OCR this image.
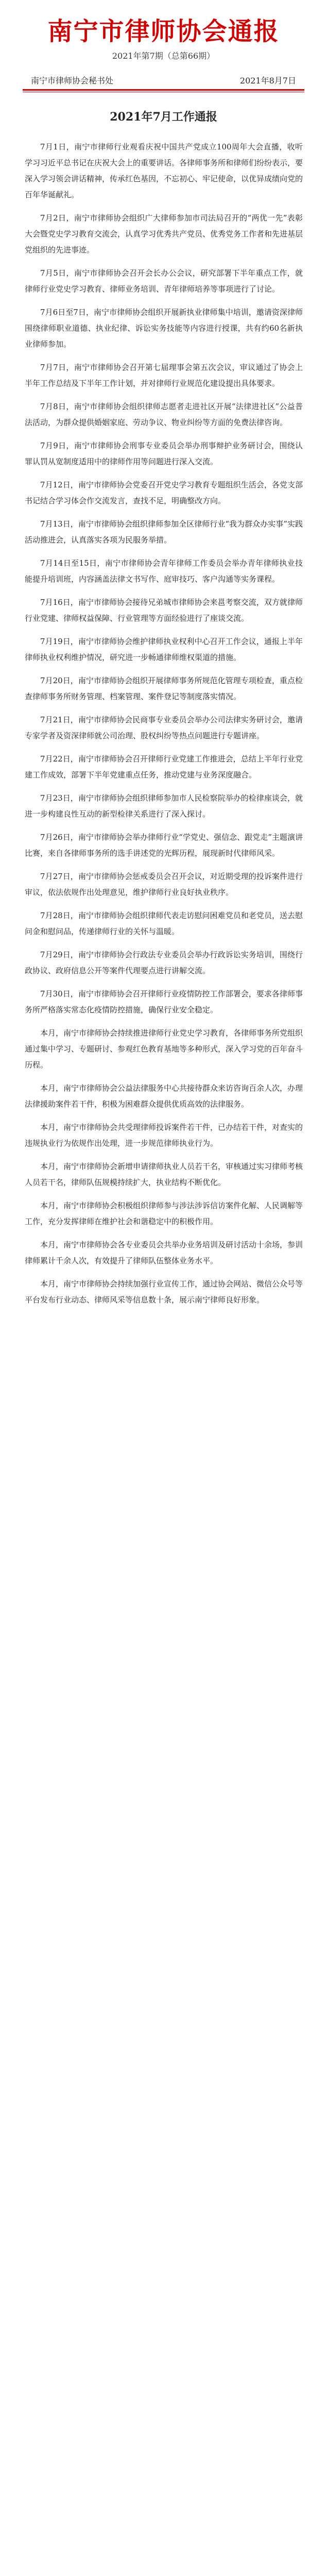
南宁市律师协会通报
2021年第7期（总第66期）
南宁市律师协会秘书处	2021年8月7日
2021年7月工作通报

7月1日，南宁市律师行业观看庆祝中国共产党成立100周年大会直播，收听学习习近平总书记在庆祝大会上的重要讲话。各律师事务所和律师们纷纷表示，要深入学习领会讲话精神，传承红色基因，不忘初心、牢记使命，以优异成绩向党的百年华诞献礼。

7月2日，南宁市律师协会组织广大律师参加市司法局召开的“两优一先”表彰大会暨党史学习教育交流会，认真学习优秀共产党员、优秀党务工作者和先进基层党组织的先进事迹。

7月5日，南宁市律师协会召开会长办公会议，研究部署下半年重点工作，就律师行业党史学习教育、律师业务培训、青年律师培养等事项进行了讨论。

7月6日至7日，南宁市律师协会组织开展新执业律师集中培训，邀请资深律师围绕律师职业道德、执业纪律、诉讼实务技能等内容进行授课，共有约60名新执业律师参加。

7月7日，南宁市律师协会召开第七届理事会第五次会议，审议通过了协会上半年工作总结及下半年工作计划，并对律师行业规范化建设提出具体要求。

7月8日，南宁市律师协会组织律师志愿者走进社区开展“法律进社区”公益普法活动，为群众提供婚姻家庭、劳动争议、物业纠纷等方面的免费法律咨询。

7月9日，南宁市律师协会刑事专业委员会举办刑事辩护业务研讨会，围绕认罪认罚从宽制度适用中的律师作用等问题进行深入交流。

7月12日，南宁市律师协会党委召开党史学习教育专题组织生活会，各党支部书记结合学习体会作交流发言，查找不足，明确整改方向。

7月13日，南宁市律师协会组织律师参加全区律师行业“我为群众办实事”实践活动推进会，认真落实各项为民服务举措。

7月14日至15日，南宁市律师协会青年律师工作委员会举办青年律师执业技能提升培训班，内容涵盖法律文书写作、庭审技巧、客户沟通等实务课程。

7月16日，南宁市律师协会接待兄弟城市律师协会来邕考察交流，双方就律师行业党建、律师权益保障、行业管理等方面经验进行了座谈交流。

7月19日，南宁市律师协会维护律师执业权利中心召开工作会议，通报上半年律师执业权利维护情况，研究进一步畅通律师维权渠道的措施。

7月20日，南宁市律师协会组织开展律师事务所规范化管理专项检查，重点检查律师事务所财务管理、档案管理、案件登记等制度落实情况。

7月21日，南宁市律师协会民商事专业委员会举办公司法律实务研讨会，邀请专家学者及资深律师就公司治理、股权纠纷等热点问题进行专题讲座。

7月22日，南宁市律师协会召开律师行业党建工作推进会，总结上半年行业党建工作成效，部署下半年党建重点任务，推动党建与业务深度融合。

7月23日，南宁市律师协会组织律师参加市人民检察院举办的检律座谈会，就进一步构建良性互动的新型检律关系进行了深入探讨。

7月26日，南宁市律师协会举办律师行业“学党史、强信念、跟党走”主题演讲比赛，来自各律师事务所的选手讲述党的光辉历程，展现新时代律师风采。

7月27日，南宁市律师协会惩戒委员会召开会议，对近期受理的投诉案件进行审议，依法依规作出处理意见，维护律师行业良好执业秩序。

7月28日，南宁市律师协会组织律师代表走访慰问困难党员和老党员，送去慰问金和慰问品，传递律师行业的关怀与温暖。

7月29日，南宁市律师协会行政法专业委员会举办行政诉讼实务培训，围绕行政协议、政府信息公开等案件代理要点进行讲解交流。

7月30日，南宁市律师协会召开律师行业疫情防控工作部署会，要求各律师事务所严格落实常态化疫情防控措施，确保行业安全稳定。

本月，南宁市律师协会持续推进律师行业党史学习教育，各律师事务所党组织通过集中学习、专题研讨、参观红色教育基地等多种形式，深入学习党的百年奋斗历程。

本月，南宁市律师协会公益法律服务中心共接待群众来访咨询百余人次，办理法律援助案件若干件，积极为困难群众提供优质高效的法律服务。

本月，南宁市律师协会共受理律师投诉案件若干件，已办结若干件，对查实的违规执业行为依规作出处理，进一步规范律师执业行为。

本月，南宁市律师协会新增申请律师执业人员若干名，审核通过实习律师考核人员若干名，律师队伍规模持续扩大，执业结构不断优化。

本月，南宁市律师协会积极组织律师参与涉法涉诉信访案件化解、人民调解等工作，充分发挥律师在维护社会和谐稳定中的积极作用。

本月，南宁市律师协会各专业委员会共举办业务培训及研讨活动十余场，参训律师累计千余人次，有效提升了律师队伍整体业务水平。

本月，南宁市律师协会持续加强行业宣传工作，通过协会网站、微信公众号等平台发布行业动态、律师风采等信息数十条，展示南宁律师良好形象。
